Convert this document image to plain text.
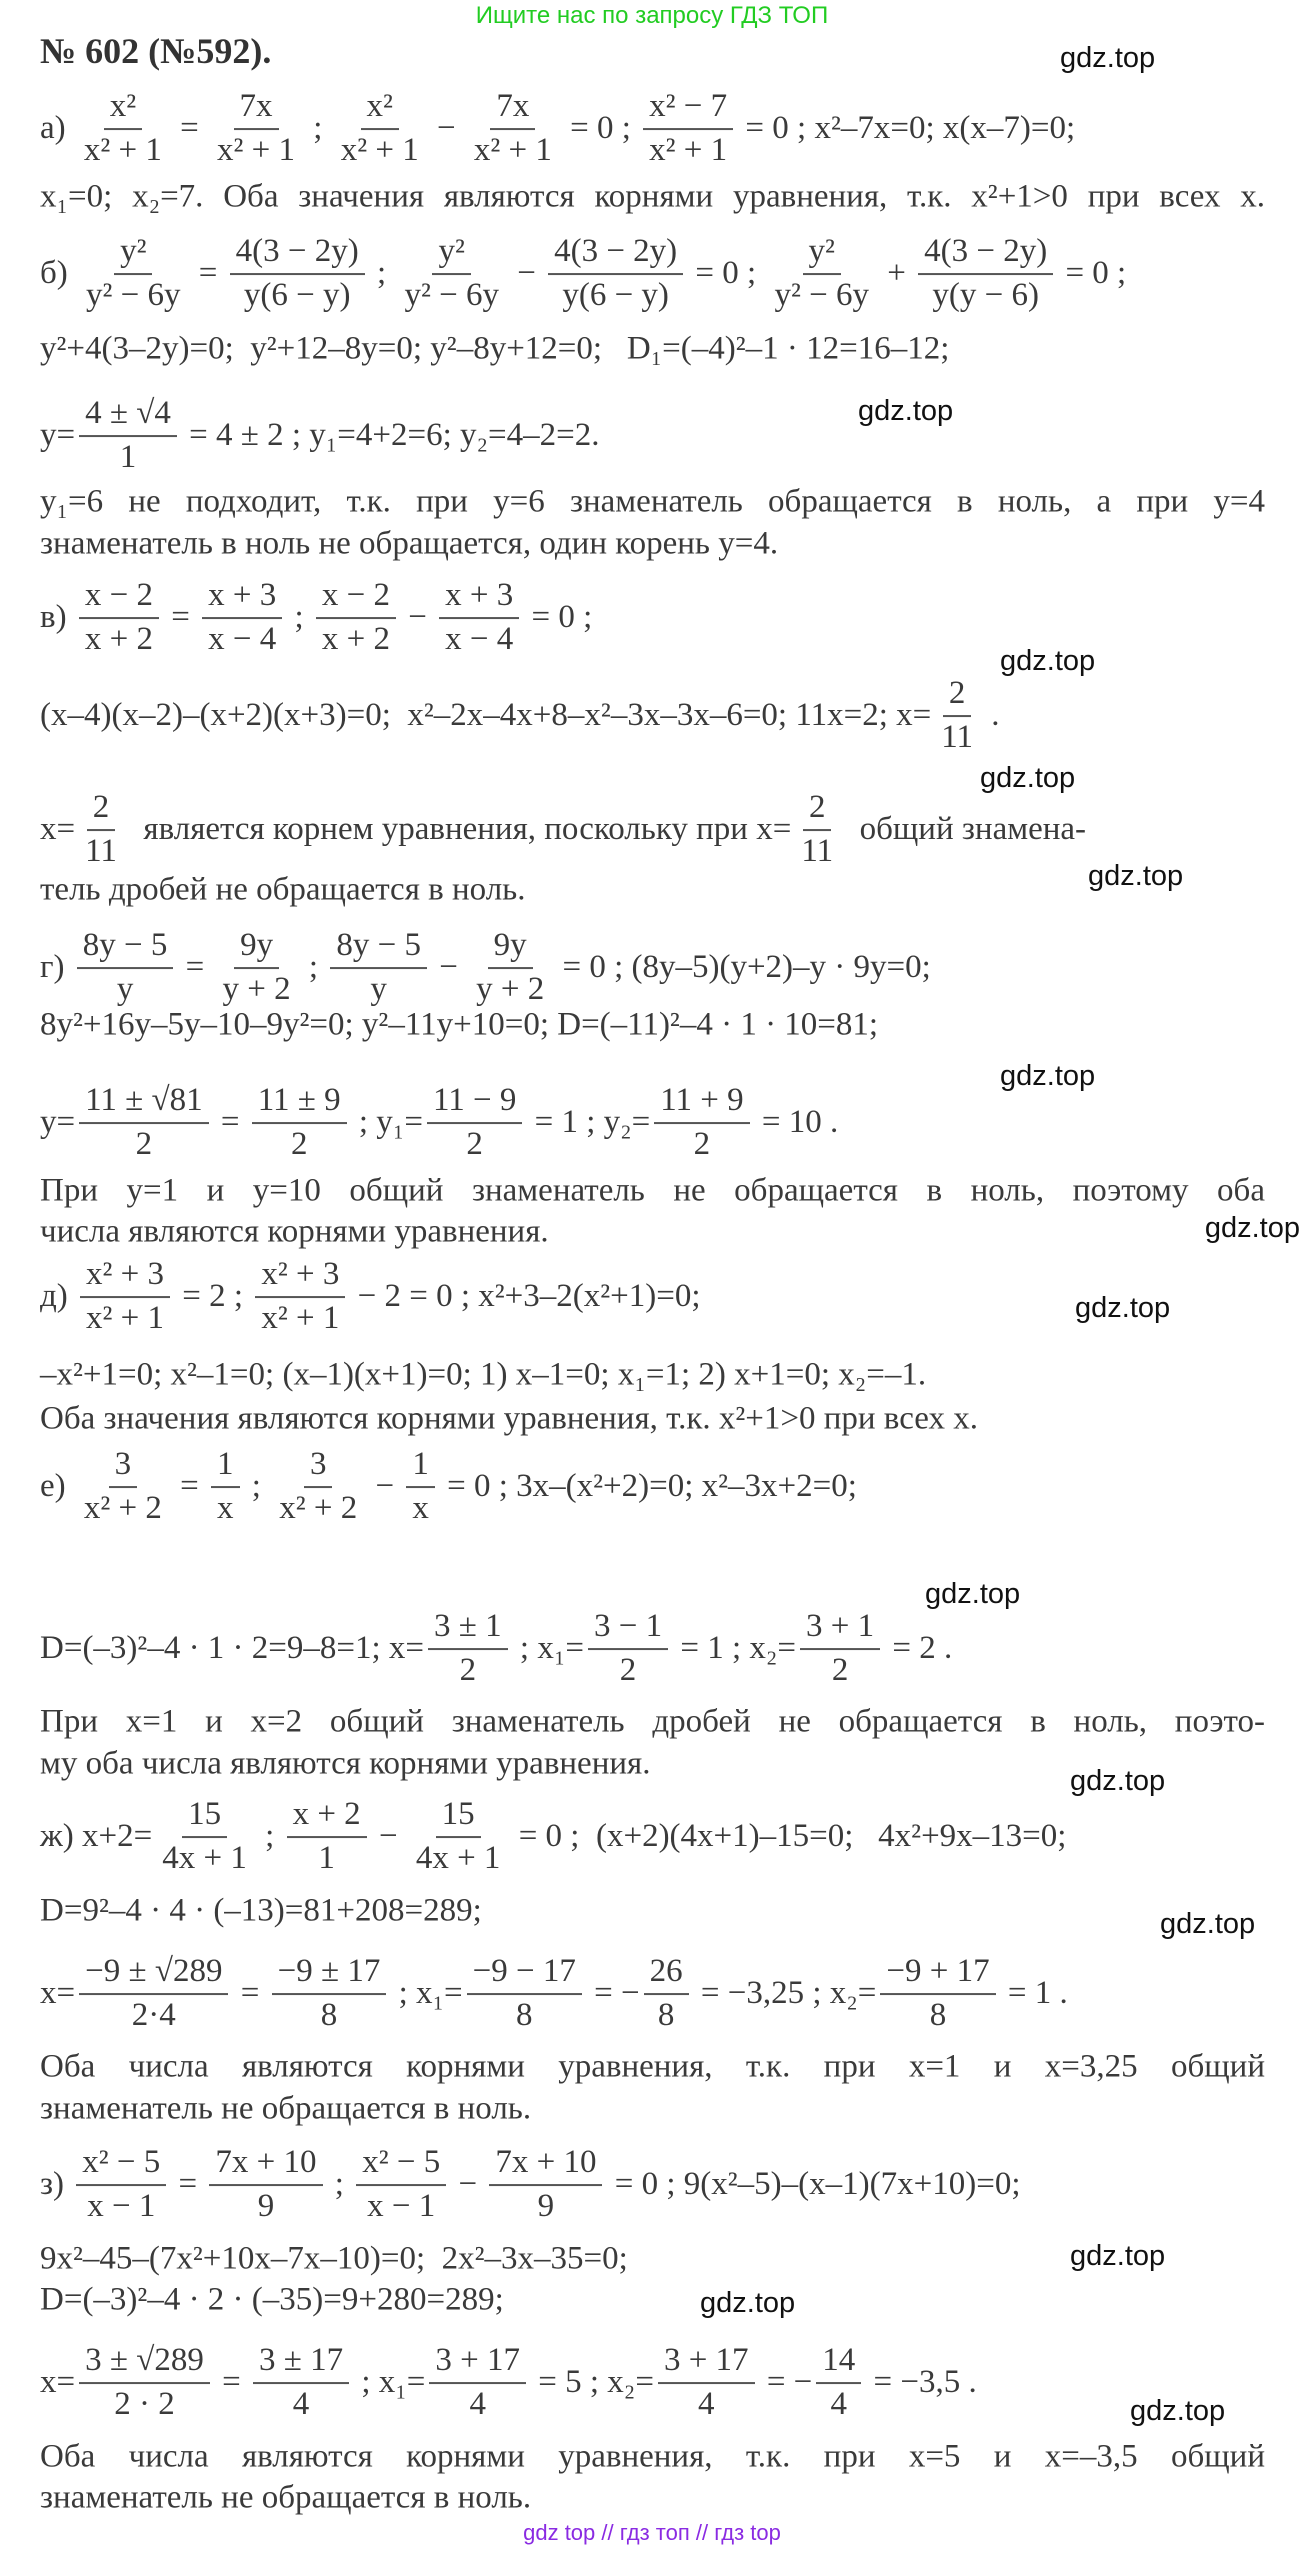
Ищите нас по запросу ГДЗ ТОП
№ 602 (№592).
$а) \frac{\text{x²}}{\text{x² + 1}} = \frac{7x}{\text{x² + 1}}$ ; $\frac{\text{x²}}{\text{x² + 1}} - \frac{7x}{\text{x² + 1}} = 0$ ; $\frac{\text{x² − 7}}{\text{x² + 1}} = 0$ ; x²–7x=0; x(x–7)=0;
x₁=0; x₂=7. Оба значения являются корнями уравнения, т.к. x²+1>0 при всех x.
$б) \frac{\text{y²}}{\text{y² − 6y}} = \frac{4(3 - 2y)}{y(6 - y)}$ ; $\frac{\text{y²}}{\text{y² − 6y}} - \frac{4(3 - 2y)}{y(6 - y)} = 0$ ; $\frac{\text{y²}}{\text{y² − 6y}} + \frac{4(3 - 2y)}{y(y - 6)} = 0$ ;
y²+4(3–2y)=0;  y²+12–8y=0; y²–8y+12=0;   D₁=(–4)²–1 · 12=16–12;
$y= \frac{4 \pm √4}{1} = 4 \pm 2$ ; y₁=4+2=6; y₂=4–2=2.
y₁=6 не подходит, т.к. при y=6 знаменатель обращается в ноль, а при y=4
знаменатель в ноль не обращается, один корень y=4.
$в) \frac{x - 2}{x + 2} = \frac{x + 3}{x - 4}$ ; $\frac{x - 2}{x + 2} - \frac{x + 3}{x - 4} = 0$ ;
(x–4)(x–2)–(x+2)(x+3)=0;  x²–2x–4x+8–x²–3x–3x–6=0; 11x=2; $x= \frac{2}{11}$ .
$x= \frac{2}{11}$ является корнем уравнения, поскольку при $x= \frac{2}{11}$ общий знамена-
тель дробей не обращается в ноль.
$г) \frac{8y - 5}{y} = \frac{9y}{y + 2}$ ; $\frac{8y - 5}{y} - \frac{9y}{y + 2} = 0$ ; (8y–5)(y+2)–y · 9y=0;
8y²+16y–5y–10–9y²=0; y²–11y+10=0; D=(–11)²–4 · 1 · 10=81;
$y= \frac{11 \pm √81}{2} = \frac{11 \pm 9}{2}$ ; $y_1= \frac{11 - 9}{2} = 1$ ; $y_2= \frac{11 + 9}{2} = 10$ .
При y=1 и y=10 общий знаменатель не обращается в ноль, поэтому оба
числа являются корнями уравнения.
$д) \frac{\text{x² + 3}}{\text{x² + 1}} = 2$ ; $\frac{\text{x² + 3}}{\text{x² + 1}} - 2 = 0$ ; x²+3–2(x²+1)=0;
–x²+1=0; x²–1=0; (x–1)(x+1)=0; 1) x–1=0; x₁=1; 2) x+1=0; x₂=–1.
Оба значения являются корнями уравнения, т.к. x²+1>0 при всех x.
$е) \frac{3}{\text{x² + 2}} = \frac{1}{x}$ ; $\frac{3}{\text{x² + 2}} - \frac{1}{x} = 0$ ; 3x–(x²+2)=0; x²–3x+2=0;
D=(–3)²–4 · 1 · 2=9–8=1; $x= \frac{3 \pm 1}{2}$ ; $x_1= \frac{3 - 1}{2} = 1$ ; $x_2= \frac{3 + 1}{2} = 2$ .
При x=1 и x=2 общий знаменатель дробей не обращается в ноль, поэто-
му оба числа являются корнями уравнения.
ж) $x+2= \frac{15}{4x + 1}$ ; $\frac{x + 2}{1} - \frac{15}{4x + 1} = 0$ ;  (x+2)(4x+1)–15=0;   4x²+9x–13=0;
D=9²–4 · 4 · (–13)=81+208=289;
$x= \frac{-9 \pm √289}{2\cdot 4} = \frac{-9 \pm 17}{8}$ ; $x_1= \frac{-9 - 17}{8}$ = − $\frac{26}{8} = -3,25$ ; $x_2= \frac{-9 + 17}{8} = 1$ .
Оба числа являются корнями уравнения, т.к. при x=1 и x=3,25 общий
знаменатель не обращается в ноль.
$з) \frac{\text{x² − 5}}{x - 1} = \frac{7x + 10}{9}$ ; $\frac{\text{x² − 5}}{x - 1} - \frac{7x + 10}{9} = 0$ ; 9(x²–5)–(x–1)(7x+10)=0;
9x²–45–(7x²+10x–7x–10)=0;  2x²–3x–35=0;
D=(–3)²–4 · 2 · (–35)=9+280=289;
$x= \frac{3 \pm √289}{2 \cdot 2} = \frac{3 \pm 17}{4}$ ; $x_1= \frac{3 + 17}{4} = 5$ ; $x_2= \frac{3 + 17}{4}$ = − $\frac{14}{4} = -3,5$ .
Оба числа являются корнями уравнения, т.к. при x=5 и x=–3,5 общий
знаменатель не обращается в ноль.
gdz.top
gdz.top
gdz.top
gdz.top
gdz.top
gdz.top
gdz.top
gdz.top
gdz.top
gdz.top
gdz.top
gdz.top
gdz.top
gdz.top
gdz top // гдз топ // гдз top
